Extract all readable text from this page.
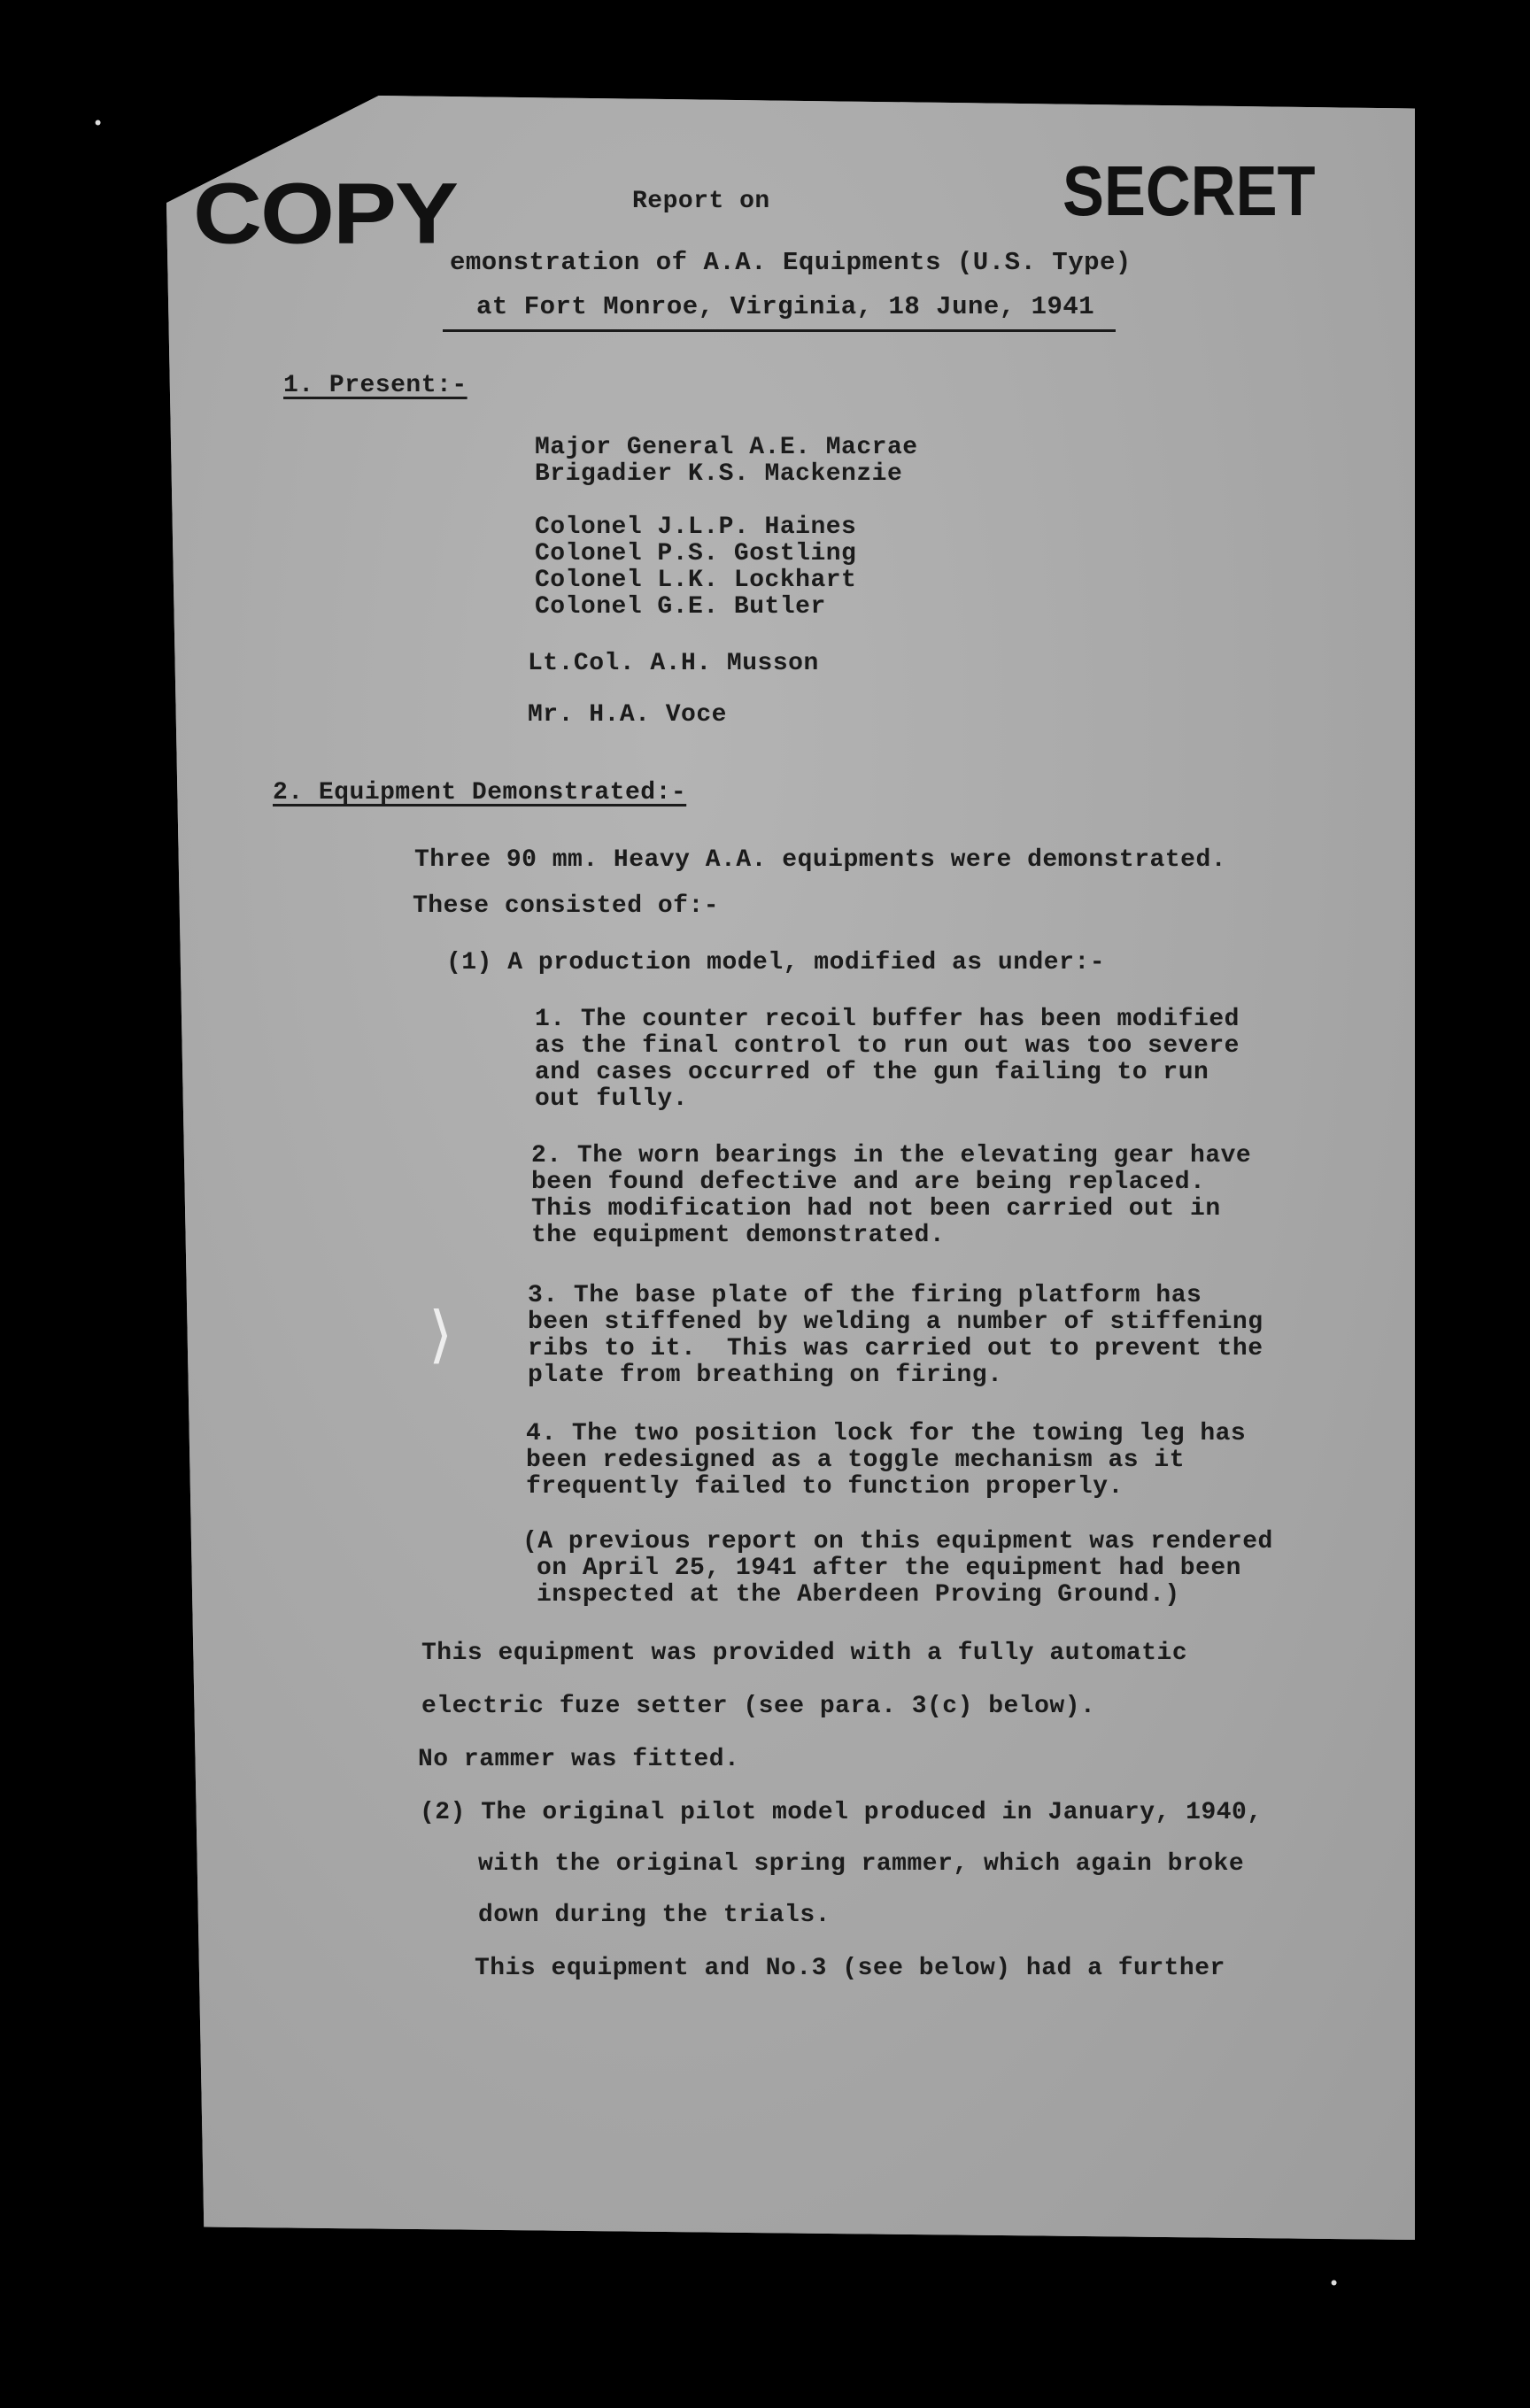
COPY	SECRET
Report on
emonstration of A.A. Equipments (U.S. Type)
at Fort Monroe, Virginia, 18 June, 1941
1. Present:-
Major General A.E. Macrae
Brigadier K.S. Mackenzie
Colonel J.L.P. Haines
Colonel P.S. Gostling
Colonel L.K. Lockhart
Colonel G.E. Butler
Lt.Col. A.H. Musson
Mr. H.A. Voce
2. Equipment Demonstrated:-
Three 90 mm. Heavy A.A. equipments were demonstrated.
These consisted of:-
(1) A production model, modified as under:-
1. The counter recoil buffer has been modified
as the final control to run out was too severe
and cases occurred of the gun failing to run
out fully.
2. The worn bearings in the elevating gear have
been found defective and are being replaced.
This modification had not been carried out in
the equipment demonstrated.
3. The base plate of the firing platform has
been stiffened by welding a number of stiffening
ribs to it.  This was carried out to prevent the
plate from breathing on firing.
4. The two position lock for the towing leg has
been redesigned as a toggle mechanism as it
frequently failed to function properly.
(A previous report on this equipment was rendered
on April 25, 1941 after the equipment had been
inspected at the Aberdeen Proving Ground.)
This equipment was provided with a fully automatic
electric fuze setter (see para. 3(c) below).
No rammer was fitted.
(2) The original pilot model produced in January, 1940,
with the original spring rammer, which again broke
down during the trials.
This equipment and No.3 (see below) had a further
⟩
•
•
